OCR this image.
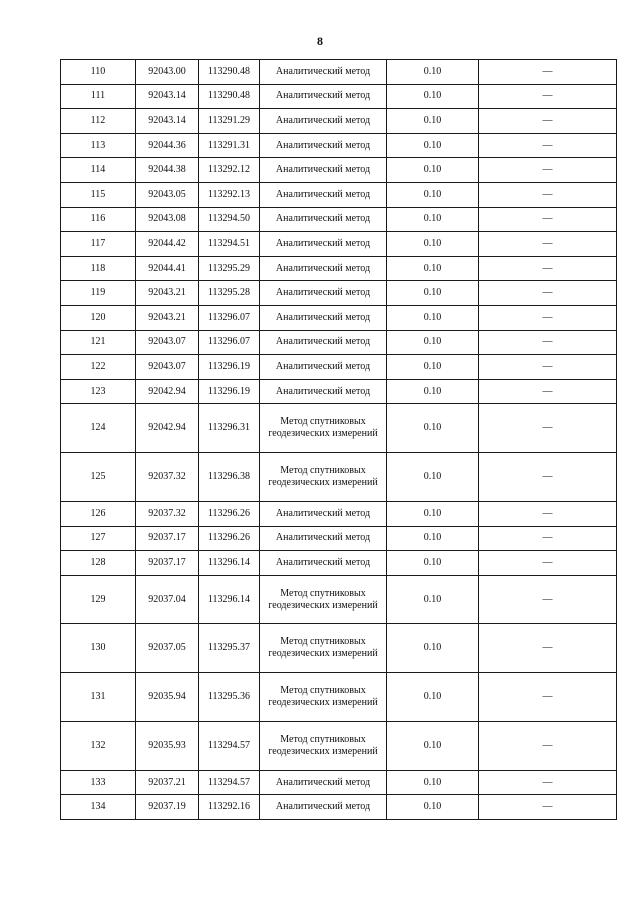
8
110	92043.00	113290.48	Аналитический метод	0.10	—
111	92043.14	113290.48	Аналитический метод	0.10	—
112	92043.14	113291.29	Аналитический метод	0.10	—
113	92044.36	113291.31	Аналитический метод	0.10	—
114	92044.38	113292.12	Аналитический метод	0.10	—
115	92043.05	113292.13	Аналитический метод	0.10	—
116	92043.08	113294.50	Аналитический метод	0.10	—
117	92044.42	113294.51	Аналитический метод	0.10	—
118	92044.41	113295.29	Аналитический метод	0.10	—
119	92043.21	113295.28	Аналитический метод	0.10	—
120	92043.21	113296.07	Аналитический метод	0.10	—
121	92043.07	113296.07	Аналитический метод	0.10	—
122	92043.07	113296.19	Аналитический метод	0.10	—
123	92042.94	113296.19	Аналитический метод	0.10	—
124	92042.94	113296.31	Метод спутниковых геодезических измерений	0.10	—
125	92037.32	113296.38	Метод спутниковых геодезических измерений	0.10	—
126	92037.32	113296.26	Аналитический метод	0.10	—
127	92037.17	113296.26	Аналитический метод	0.10	—
128	92037.17	113296.14	Аналитический метод	0.10	—
129	92037.04	113296.14	Метод спутниковых геодезических измерений	0.10	—
130	92037.05	113295.37	Метод спутниковых геодезических измерений	0.10	—
131	92035.94	113295.36	Метод спутниковых геодезических измерений	0.10	—
132	92035.93	113294.57	Метод спутниковых геодезических измерений	0.10	—
133	92037.21	113294.57	Аналитический метод	0.10	—
134	92037.19	113292.16	Аналитический метод	0.10	—
